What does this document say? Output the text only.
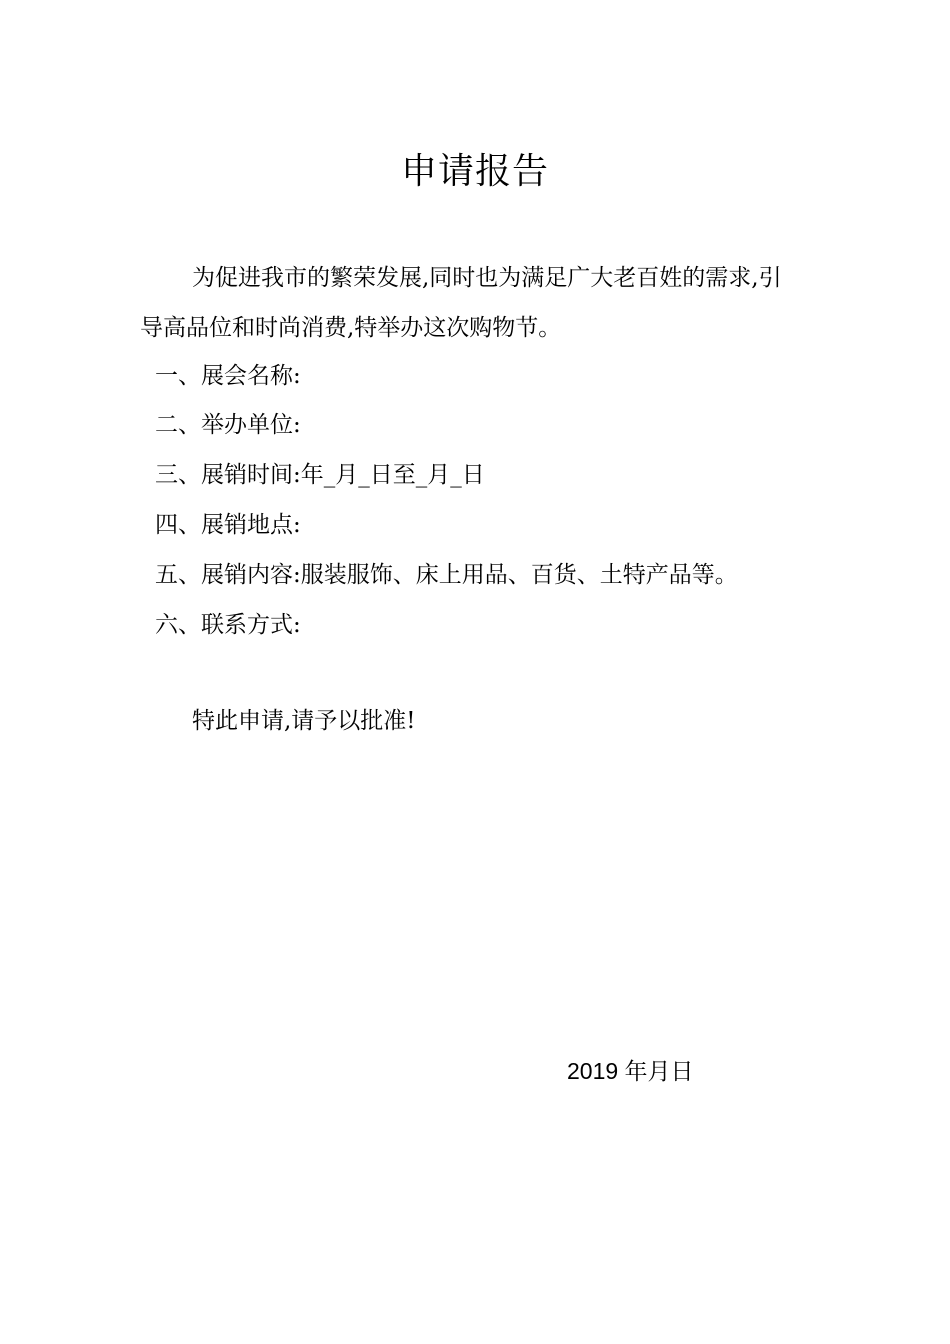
申请报告

为促进我市的繁荣发展,同时也为满足广大老百姓的需求,引导高品位和时尚消费,特举办这次购物节。

一、展会名称:
二、举办单位:
三、展销时间:年_月_日至_月_日
四、展销地点:
五、展销内容:服装服饰、床上用品、百货、土特产品等。
六、联系方式:
特此申请,请予以批准!
2019 年月日
